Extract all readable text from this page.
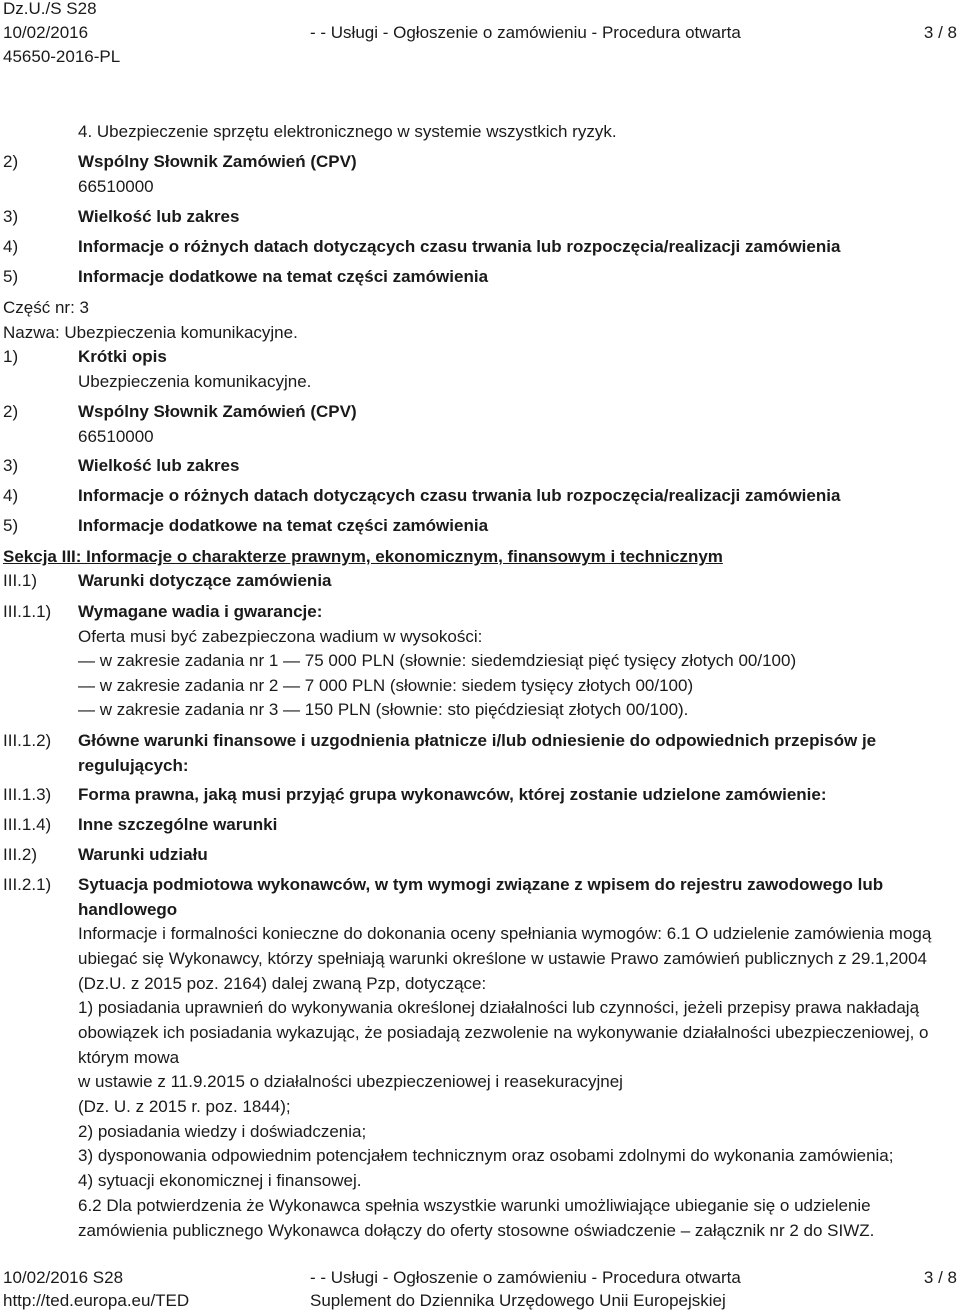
Dz.U./S S28
10/02/2016	- - Usługi - Ogłoszenie o zamówieniu - Procedura otwarta	3 / 8
45650-2016-PL
4. Ubezpieczenie sprzętu elektronicznego w systemie wszystkich ryzyk.
2)	Wspólny Słownik Zamówień (CPV)
66510000
3)	Wielkość lub zakres
4)	Informacje o różnych datach dotyczących czasu trwania lub rozpoczęcia/realizacji zamówienia
5)	Informacje dodatkowe na temat części zamówienia
Część nr: 3
Nazwa: Ubezpieczenia komunikacyjne.
1)	Krótki opis
Ubezpieczenia komunikacyjne.
2)	Wspólny Słownik Zamówień (CPV)
66510000
3)	Wielkość lub zakres
4)	Informacje o różnych datach dotyczących czasu trwania lub rozpoczęcia/realizacji zamówienia
5)	Informacje dodatkowe na temat części zamówienia
Sekcja III: Informacje o charakterze prawnym, ekonomicznym, finansowym i technicznym
III.1) Warunki dotyczące zamówienia
III.1.1) Wymagane wadia i gwarancje:
Oferta musi być zabezpieczona wadium w wysokości:
— w zakresie zadania nr 1 — 75 000 PLN (słownie: siedemdziesiąt pięć tysięcy złotych 00/100)
— w zakresie zadania nr 2 — 7 000 PLN (słownie: siedem tysięcy złotych 00/100)
— w zakresie zadania nr 3 — 150 PLN (słownie: sto pięćdziesiąt złotych 00/100).
III.1.2) Główne warunki finansowe i uzgodnienia płatnicze i/lub odniesienie do odpowiednich przepisów je regulujących:
III.1.3) Forma prawna, jaką musi przyjąć grupa wykonawców, której zostanie udzielone zamówienie:
III.1.4) Inne szczególne warunki
III.2) Warunki udziału
III.2.1) Sytuacja podmiotowa wykonawców, w tym wymogi związane z wpisem do rejestru zawodowego lub handlowego
Informacje i formalności konieczne do dokonania oceny spełniania wymogów: 6.1 O udzielenie zamówienia mogą ubiegać się Wykonawcy, którzy spełniają warunki określone w ustawie Prawo zamówień publicznych z 29.1,2004 (Dz.U. z 2015 poz. 2164) dalej zwaną Pzp, dotyczące:
1) posiadania uprawnień do wykonywania określonej działalności lub czynności, jeżeli przepisy prawa nakładają obowiązek ich posiadania wykazując, że posiadają zezwolenie na wykonywanie działalności ubezpieczeniowej, o którym mowa
w ustawie z 11.9.2015 o działalności ubezpieczeniowej i reasekuracyjnej
(Dz. U. z 2015 r. poz. 1844);
2) posiadania wiedzy i doświadczenia;
3) dysponowania odpowiednim potencjałem technicznym oraz osobami zdolnymi do wykonania zamówienia;
4) sytuacji ekonomicznej i finansowej.
6.2 Dla potwierdzenia że Wykonawca spełnia wszystkie warunki umożliwiające ubieganie się o udzielenie zamówienia publicznego Wykonawca dołączy do oferty stosowne oświadczenie – załącznik nr 2 do SIWZ.
10/02/2016 S28	- - Usługi - Ogłoszenie o zamówieniu - Procedura otwarta	3 / 8
http://ted.europa.eu/TED	Suplement do Dziennika Urzędowego Unii Europejskiej
